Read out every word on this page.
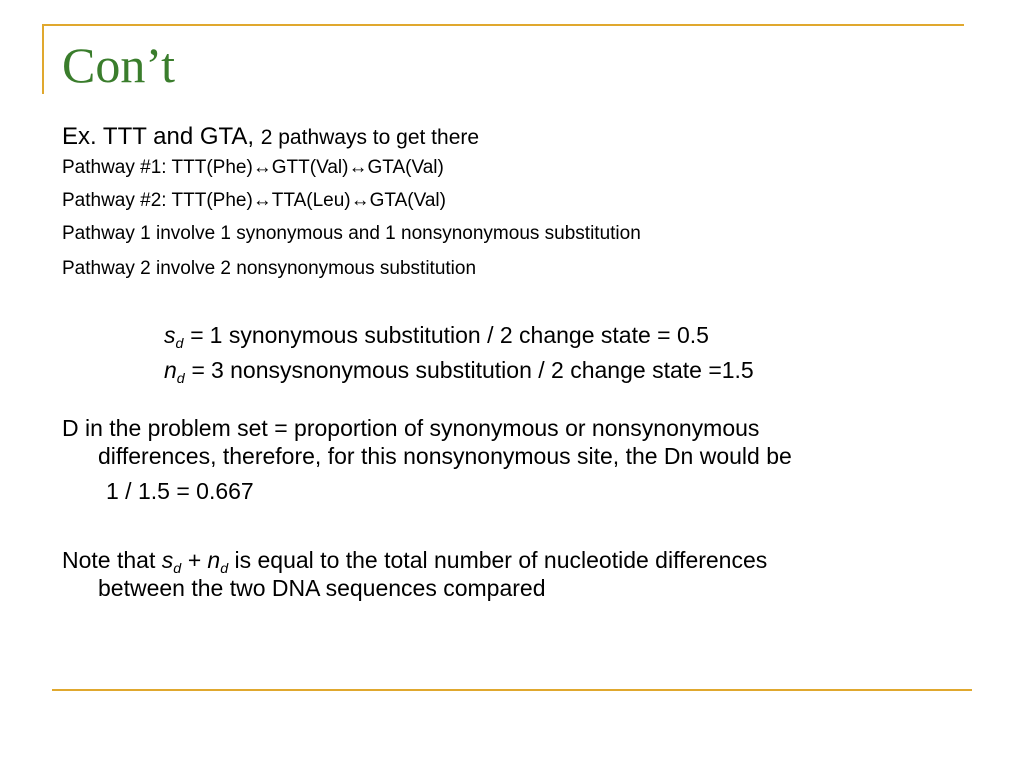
Con’t
Ex. TTT and GTA, 2 pathways to get there
Pathway #1: TTT(Phe)↔GTT(Val)↔GTA(Val)
Pathway #2: TTT(Phe)↔TTA(Leu)↔GTA(Val)
Pathway 1 involve 1 synonymous and 1 nonsynonymous substitution
Pathway 2 involve 2 nonsynonymous substitution
$s_d = 1$ synonymous substitution / 2 change state = 0.5
$n_d = 3$ nonsysnonymous substitution / 2 change state =1.5
D in the problem set = proportion of synonymous or nonsynonymous
differences, therefore, for this nonsynonymous site, the Dn would be
1 / 1.5 = 0.667
Note that $s_d + n_d$ is equal to the total number of nucleotide differences
between the two DNA sequences compared
